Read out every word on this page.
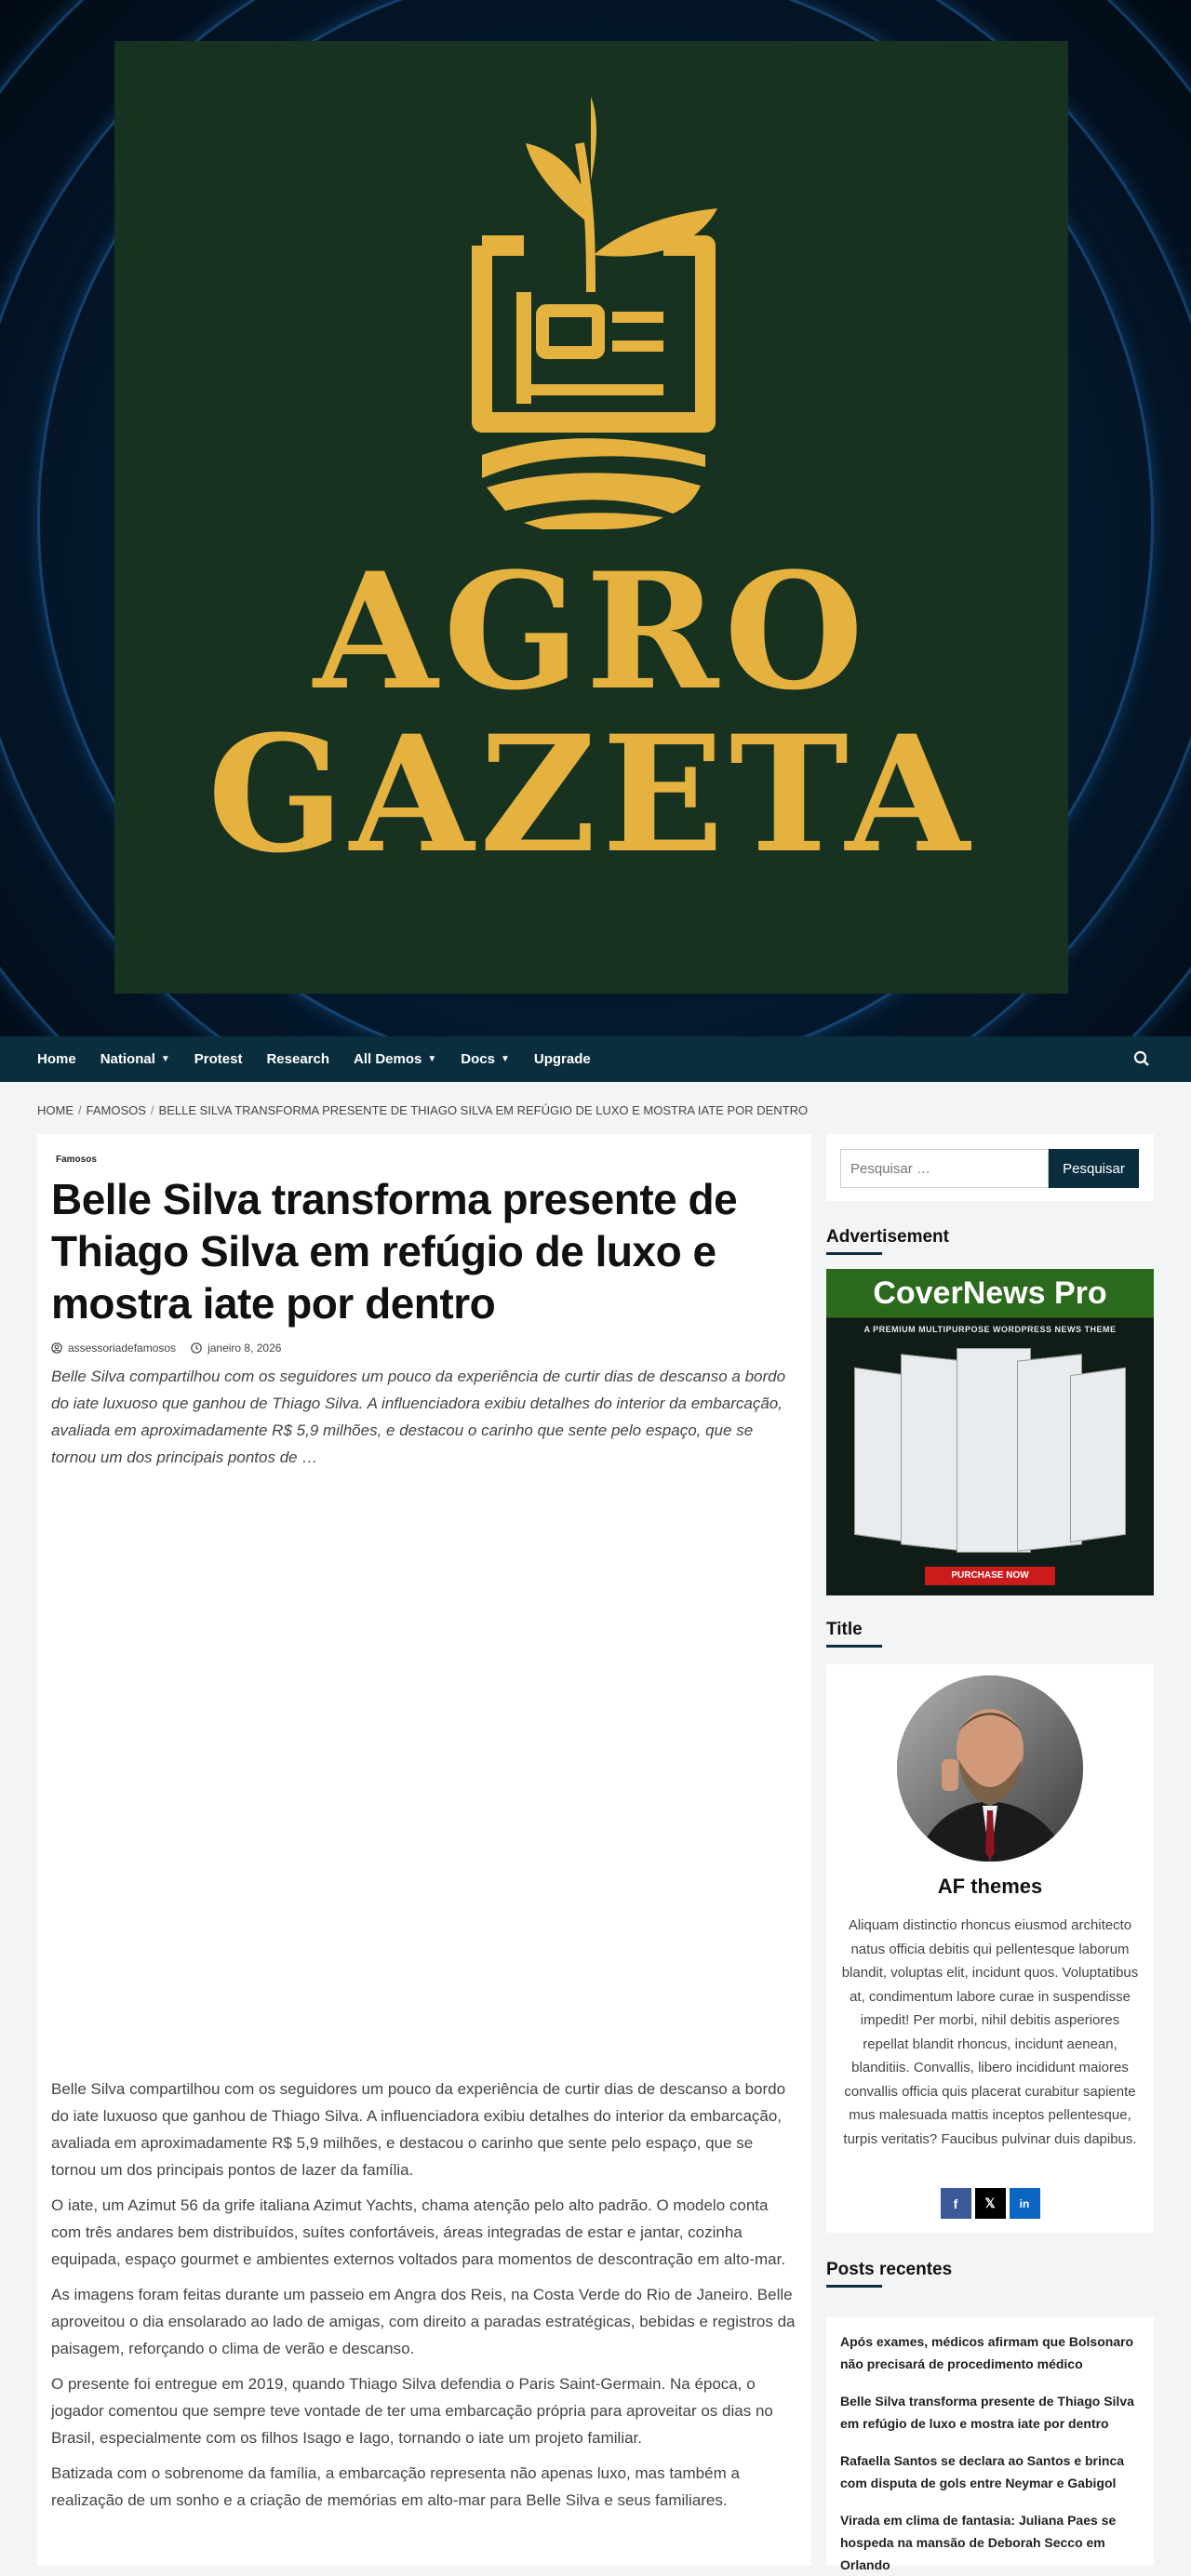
AGRO
GAZETA
Home National ▼ Protest Research All Demos ▼ Docs ▼ Upgrade
HOME / FAMOSOS / BELLE SILVA TRANSFORMA PRESENTE DE THIAGO SILVA EM REFÚGIO DE LUXO E MOSTRA IATE POR DENTRO
Famosos
Belle Silva transforma presente de Thiago Silva em refúgio de luxo e mostra iate por dentro
assessoriadefamosos	janeiro 8, 2026

Belle Silva compartilhou com os seguidores um pouco da experiência de curtir dias de descanso a bordo do iate luxuoso que ganhou de Thiago Silva. A influenciadora exibiu detalhes do interior da embarcação, avaliada em aproximadamente R$ 5,9 milhões, e destacou o carinho que sente pelo espaço, que se tornou um dos principais pontos de …

Belle Silva compartilhou com os seguidores um pouco da experiência de curtir dias de descanso a bordo do iate luxuoso que ganhou de Thiago Silva. A influenciadora exibiu detalhes do interior da embarcação, avaliada em aproximadamente R$ 5,9 milhões, e destacou o carinho que sente pelo espaço, que se tornou um dos principais pontos de lazer da família.

O iate, um Azimut 56 da grife italiana Azimut Yachts, chama atenção pelo alto padrão. O modelo conta com três andares bem distribuídos, suítes confortáveis, áreas integradas de estar e jantar, cozinha equipada, espaço gourmet e ambientes externos voltados para momentos de descontração em alto-mar.

As imagens foram feitas durante um passeio em Angra dos Reis, na Costa Verde do Rio de Janeiro. Belle aproveitou o dia ensolarado ao lado de amigas, com direito a paradas estratégicas, bebidas e registros da paisagem, reforçando o clima de verão e descanso.

O presente foi entregue em 2019, quando Thiago Silva defendia o Paris Saint-Germain. Na época, o jogador comentou que sempre teve vontade de ter uma embarcação própria para aproveitar os dias no Brasil, especialmente com os filhos Isago e Iago, tornando o iate um projeto familiar.

Batizada com o sobrenome da família, a embarcação representa não apenas luxo, mas também a realização de um sonho e a criação de memórias em alto-mar para Belle Silva e seus familiares.

Pesquisar …
Pesquisar
Advertisement
CoverNews Pro
A PREMIUM MULTIPURPOSE WORDPRESS NEWS THEME
PURCHASE NOW
Title
AF themes

Aliquam distinctio rhoncus eiusmod architecto natus officia debitis qui pellentesque laborum blandit, voluptas elit, incidunt quos. Voluptatibus at, condimentum labore curae in suspendisse impedit! Per morbi, nihil debitis asperiores repellat blandit rhoncus, incidunt aenean, blanditiis. Convallis, libero incididunt maiores convallis officia quis placerat curabitur sapiente mus malesuada mattis inceptos pellentesque, turpis veritatis? Faucibus pulvinar duis dapibus.

f	𝕏	in
Posts recentes
Após exames, médicos afirmam que Bolsonaro não precisará de procedimento médico
Belle Silva transforma presente de Thiago Silva em refúgio de luxo e mostra iate por dentro
Rafaella Santos se declara ao Santos e brinca com disputa de gols entre Neymar e Gabigol
Virada em clima de fantasia: Juliana Paes se hospeda na mansão de Deborah Secco em Orlando
